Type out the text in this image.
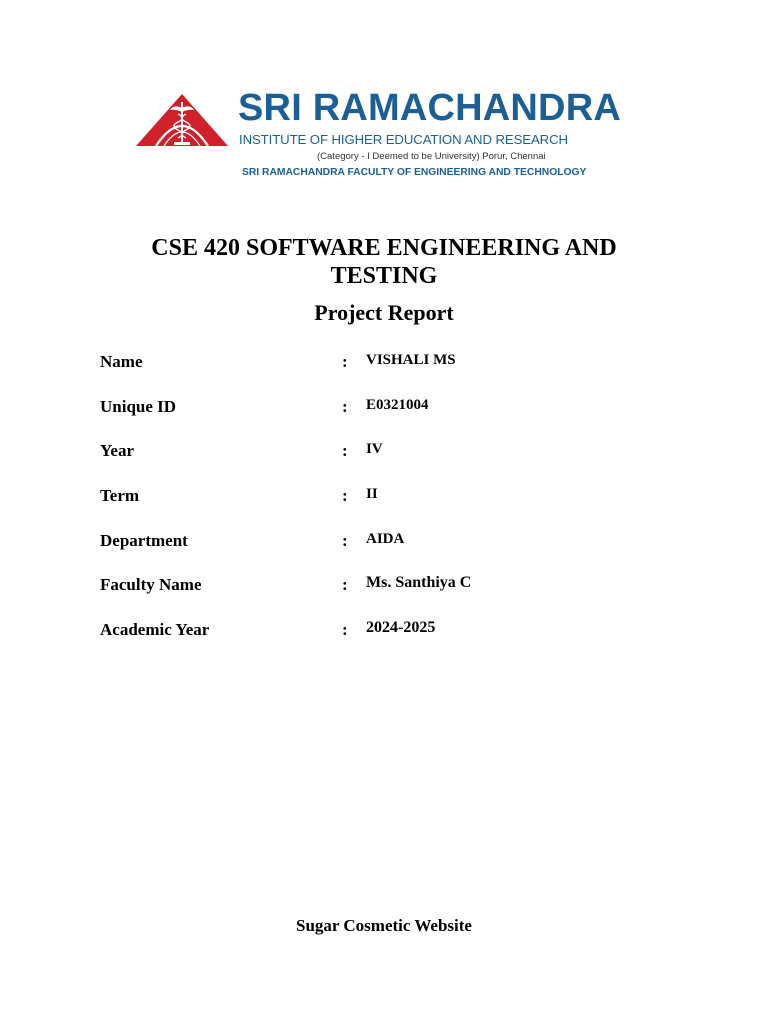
SRI RAMACHANDRA
INSTITUTE OF HIGHER EDUCATION AND RESEARCH
(Category - I Deemed to be University) Porur, Chennai
SRI RAMACHANDRA FACULTY OF ENGINEERING AND TECHNOLOGY
CSE 420 SOFTWARE ENGINEERING AND TESTING
Project Report
Name	: VISHALI MS
Unique ID	: E0321004
Year	: IV
Term	: II
Department	: AIDA
Faculty Name	: Ms. Santhiya C
Academic Year	: 2024-2025
Sugar Cosmetic Website
